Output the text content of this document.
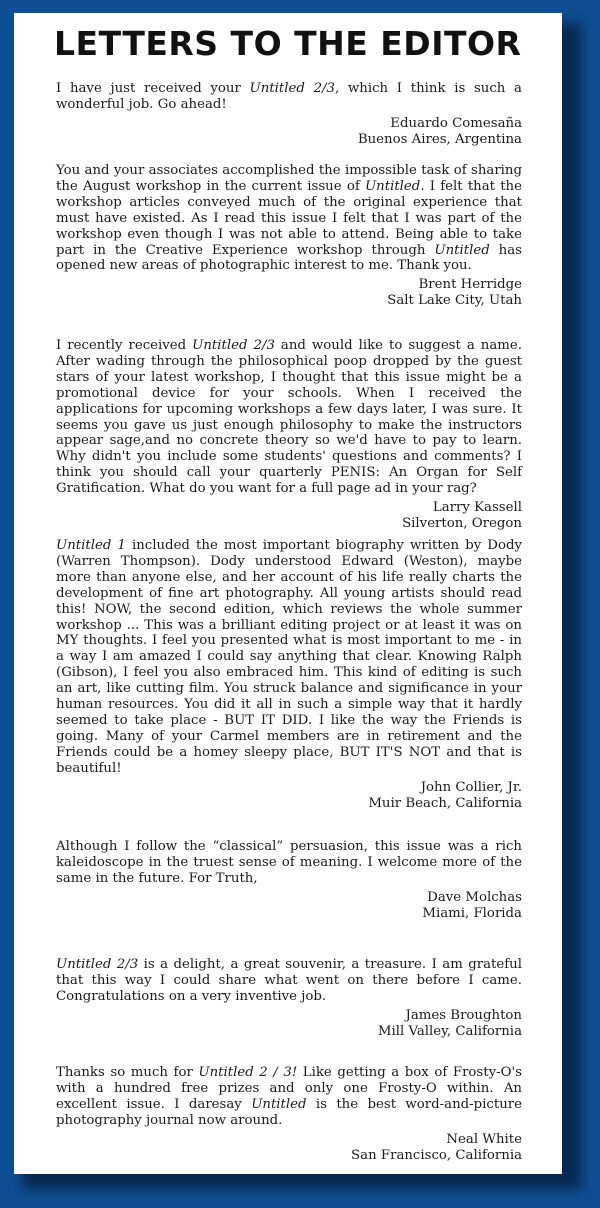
LETTERS TO THE EDITOR

I have just received your Untitled 2/3, which I think is such a wonderful job. Go ahead!

Eduardo Comesaña
Buenos Aires, Argentina

You and your associates accomplished the impossible task of sharing the August workshop in the current issue of Untitled. I felt that the workshop articles conveyed much of the original experience that must have existed. As I read this issue I felt that I was part of the workshop even though I was not able to attend. Being able to take part in the Creative Experience workshop through Untitled has opened new areas of photographic interest to me. Thank you.

Brent Herridge
Salt Lake City, Utah

I recently received Untitled 2/3 and would like to suggest a name. After wading through the philosophical poop dropped by the guest stars of your latest workshop, I thought that this issue might be a promotional device for your schools. When I received the applications for upcoming workshops a few days later, I was sure. It seems you gave us just enough philosophy to make the instructors appear sage,and no concrete theory so we'd have to pay to learn. Why didn't you include some students' questions and comments? I think you should call your quarterly PENIS: An Organ for Self Gratification. What do you want for a full page ad in your rag?

Larry Kassell
Silverton, Oregon

Untitled 1 included the most important biography written by Dody (Warren Thompson). Dody understood Edward (Weston), maybe more than anyone else, and her account of his life really charts the development of fine art photography. All young artists should read this! NOW, the second edition, which reviews the whole summer workshop ... This was a brilliant editing project or at least it was on MY thoughts. I feel you presented what is most important to me - in a way I am amazed I could say anything that clear. Knowing Ralph (Gibson), I feel you also embraced him. This kind of editing is such an art, like cutting film. You struck balance and significance in your human resources. You did it all in such a simple way that it hardly seemed to take place - BUT IT DID. I like the way the Friends is going. Many of your Carmel members are in retirement and the Friends could be a homey sleepy place, BUT IT'S NOT and that is beautiful!

John Collier, Jr.
Muir Beach, California

Although I follow the “classical” persuasion, this issue was a rich kaleidoscope in the truest sense of meaning. I welcome more of the same in the future. For Truth,

Dave Molchas
Miami, Florida

Untitled 2/3 is a delight, a great souvenir, a treasure. I am grateful that this way I could share what went on there before I came. Congratulations on a very inventive job.

James Broughton
Mill Valley, California

Thanks so much for Untitled 2 / 3! Like getting a box of Frosty-O's with a hundred free prizes and only one Frosty-O within. An excellent issue. I daresay Untitled is the best word-and-picture photography journal now around.

Neal White
San Francisco, California
